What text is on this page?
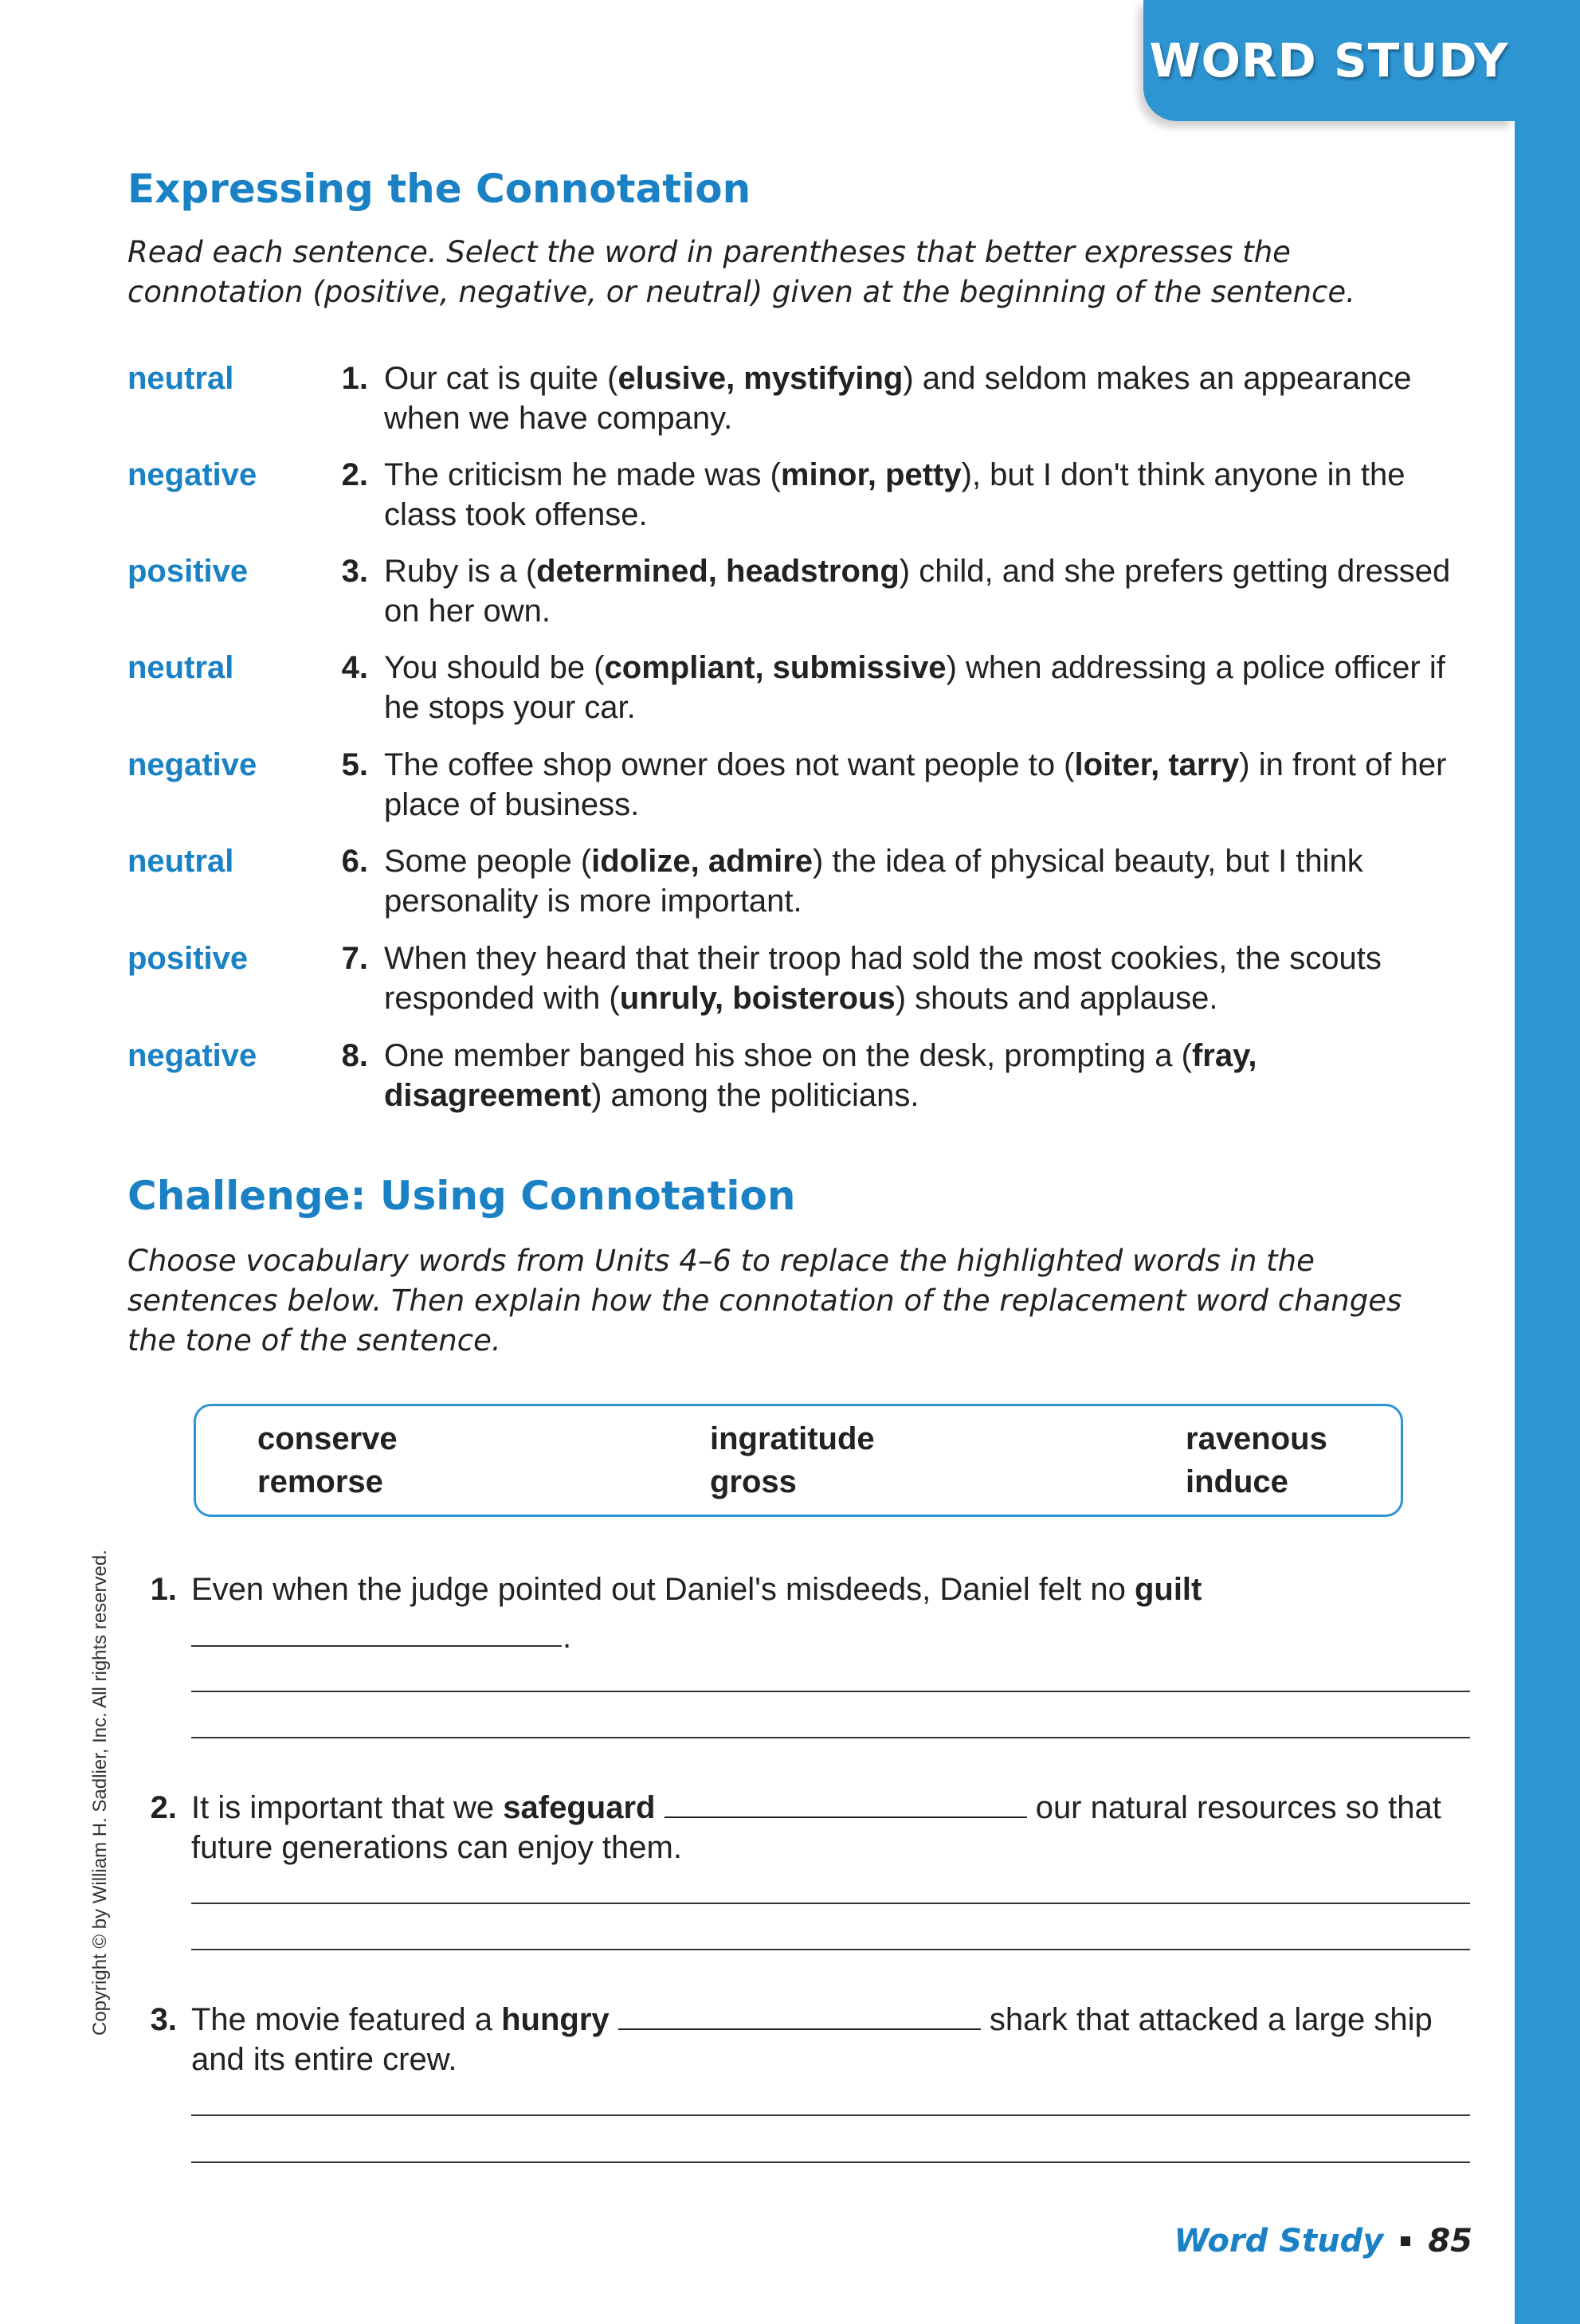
WORD STUDY
Expressing the Connotation

Read each sentence. Select the word in parentheses that better expresses the connotation (positive, negative, or neutral) given at the beginning of the sentence.

neutral	1. Our cat is quite (elusive, mystifying) and seldom makes an appearance when we have company.
negative	2. The criticism he made was (minor, petty), but I don't think anyone in the class took offense.
positive	3. Ruby is a (determined, headstrong) child, and she prefers getting dressed on her own.
neutral	4. You should be (compliant, submissive) when addressing a police officer if he stops your car.
negative	5. The coffee shop owner does not want people to (loiter, tarry) in front of her place of business.
neutral	6. Some people (idolize, admire) the idea of physical beauty, but I think personality is more important.
positive	7. When they heard that their troop had sold the most cookies, the scouts responded with (unruly, boisterous) shouts and applause.
negative	8. One member banged his shoe on the desk, prompting a (fray, disagreement) among the politicians.
Challenge: Using Connotation

Choose vocabulary words from Units 4–6 to replace the highlighted words in the sentences below. Then explain how the connotation of the replacement word changes the tone of the sentence.

conserve	ingratitude	ravenous
remorse	gross	induce
1. Even when the judge pointed out Daniel's misdeeds, Daniel felt no guilt
.
2. It is important that we safeguard	our natural resources so that future generations can enjoy them.
3. The movie featured a hungry	shark that attacked a large ship and its entire crew.
Copyright © by William H. Sadlier, Inc. All rights reserved.
Word Study 85
